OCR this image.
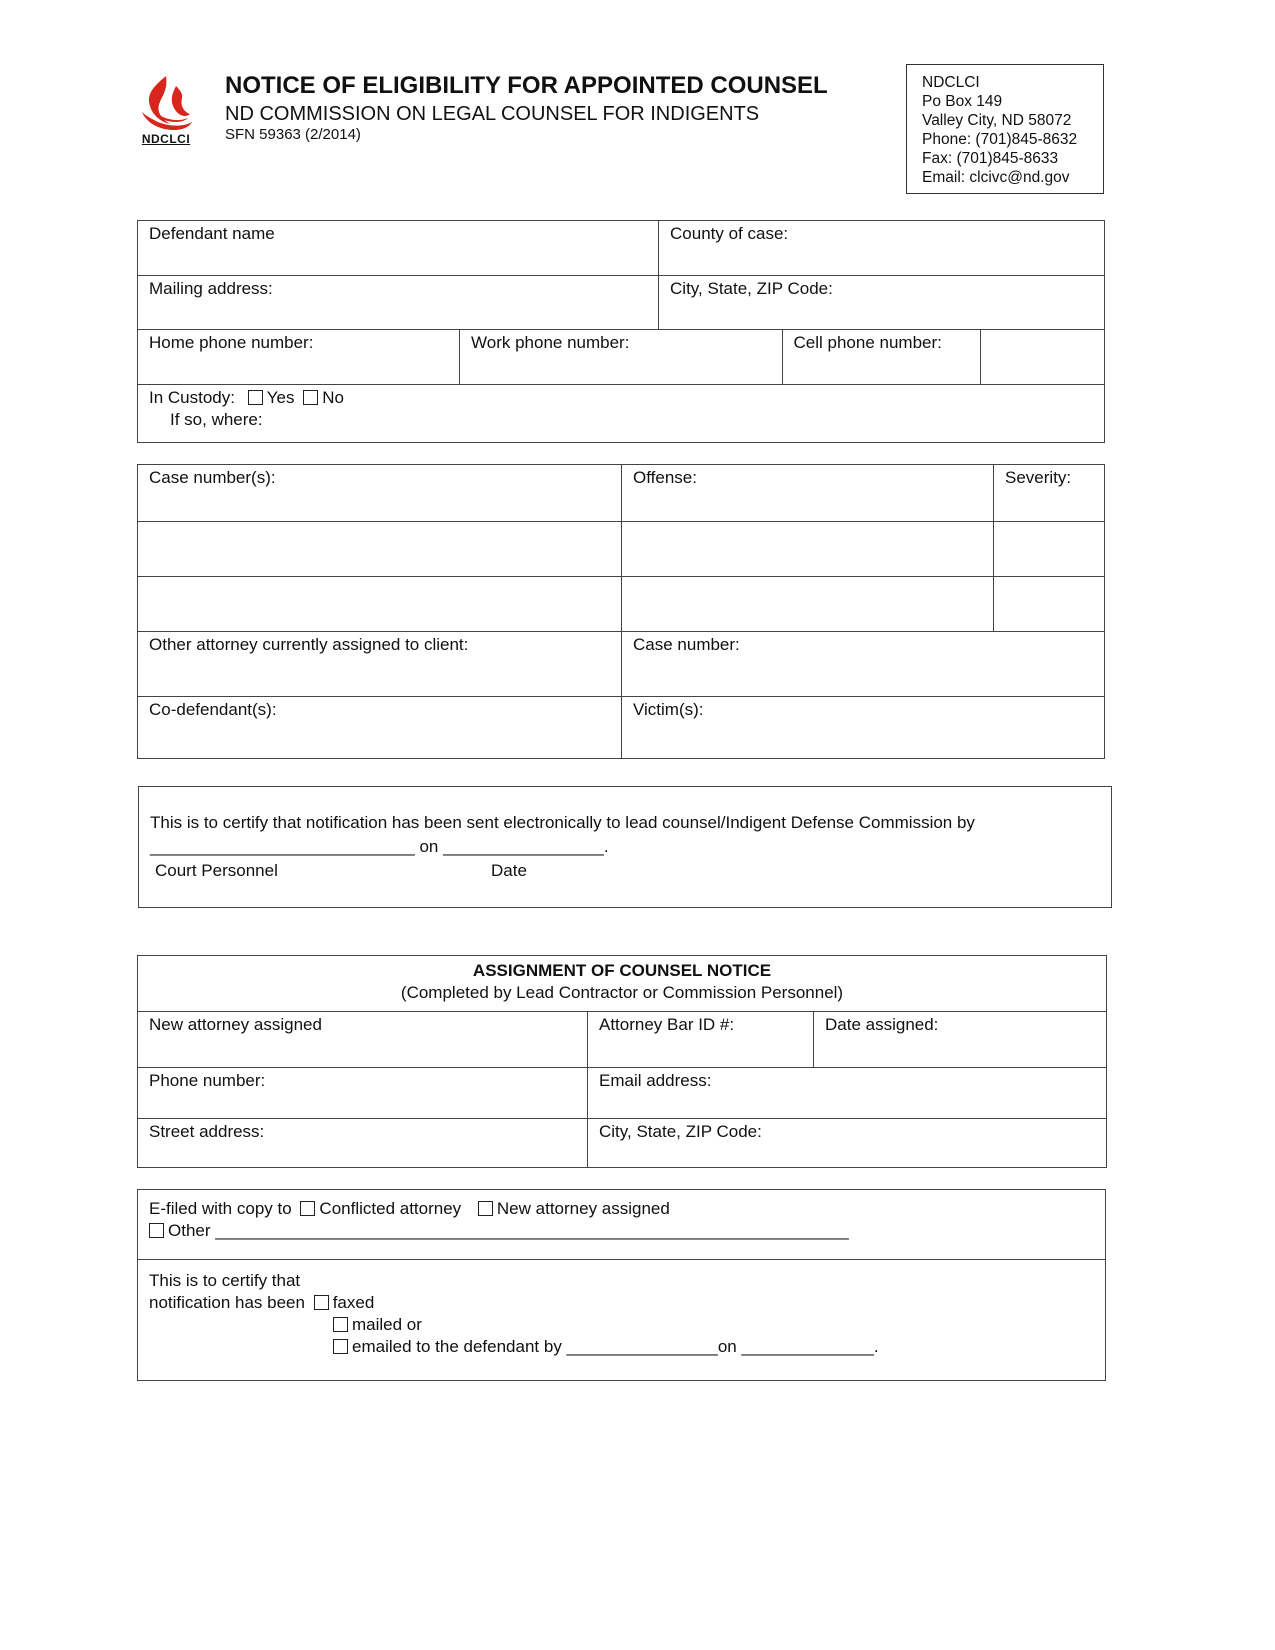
NDCLCI
NOTICE OF ELIGIBILITY FOR APPOINTED COUNSEL
ND COMMISSION ON LEGAL COUNSEL FOR INDIGENTS
SFN 59363 (2/2014)
NDCLCI
Po Box 149
Valley City, ND 58072
Phone: (701)845-8632
Fax: (701)845-8633
Email: clcivc@nd.gov
Defendant name	County of case:
Mailing address:	City, State, ZIP Code:
Home phone number:		Work phone number:	Cell phone number:

In Custody: Yes No
If so, where:
Case number(s):	Offense:	Severity:

Other attorney currently assigned to client:	Case number:	
Co-defendant(s):	Victim(s):	
This is to certify that notification has been sent electronically to lead counsel/Indigent Defense Commission by
____________________________ on _________________.
Court Personnel	Date
ASSIGNMENT OF COUNSEL NOTICE
(Completed by Lead Contractor or Commission Personnel)		

New attorney assigned	Attorney Bar ID #:	Date assigned:
Phone number:	Email address:	
Street address:	City, State, ZIP Code:	
E-filed with copy to Conflicted attorney New attorney assigned
Other ___________________________________________________________________

This is to certify that
notification has been faxed
mailed or
emailed to the defendant by ________________on ______________.
